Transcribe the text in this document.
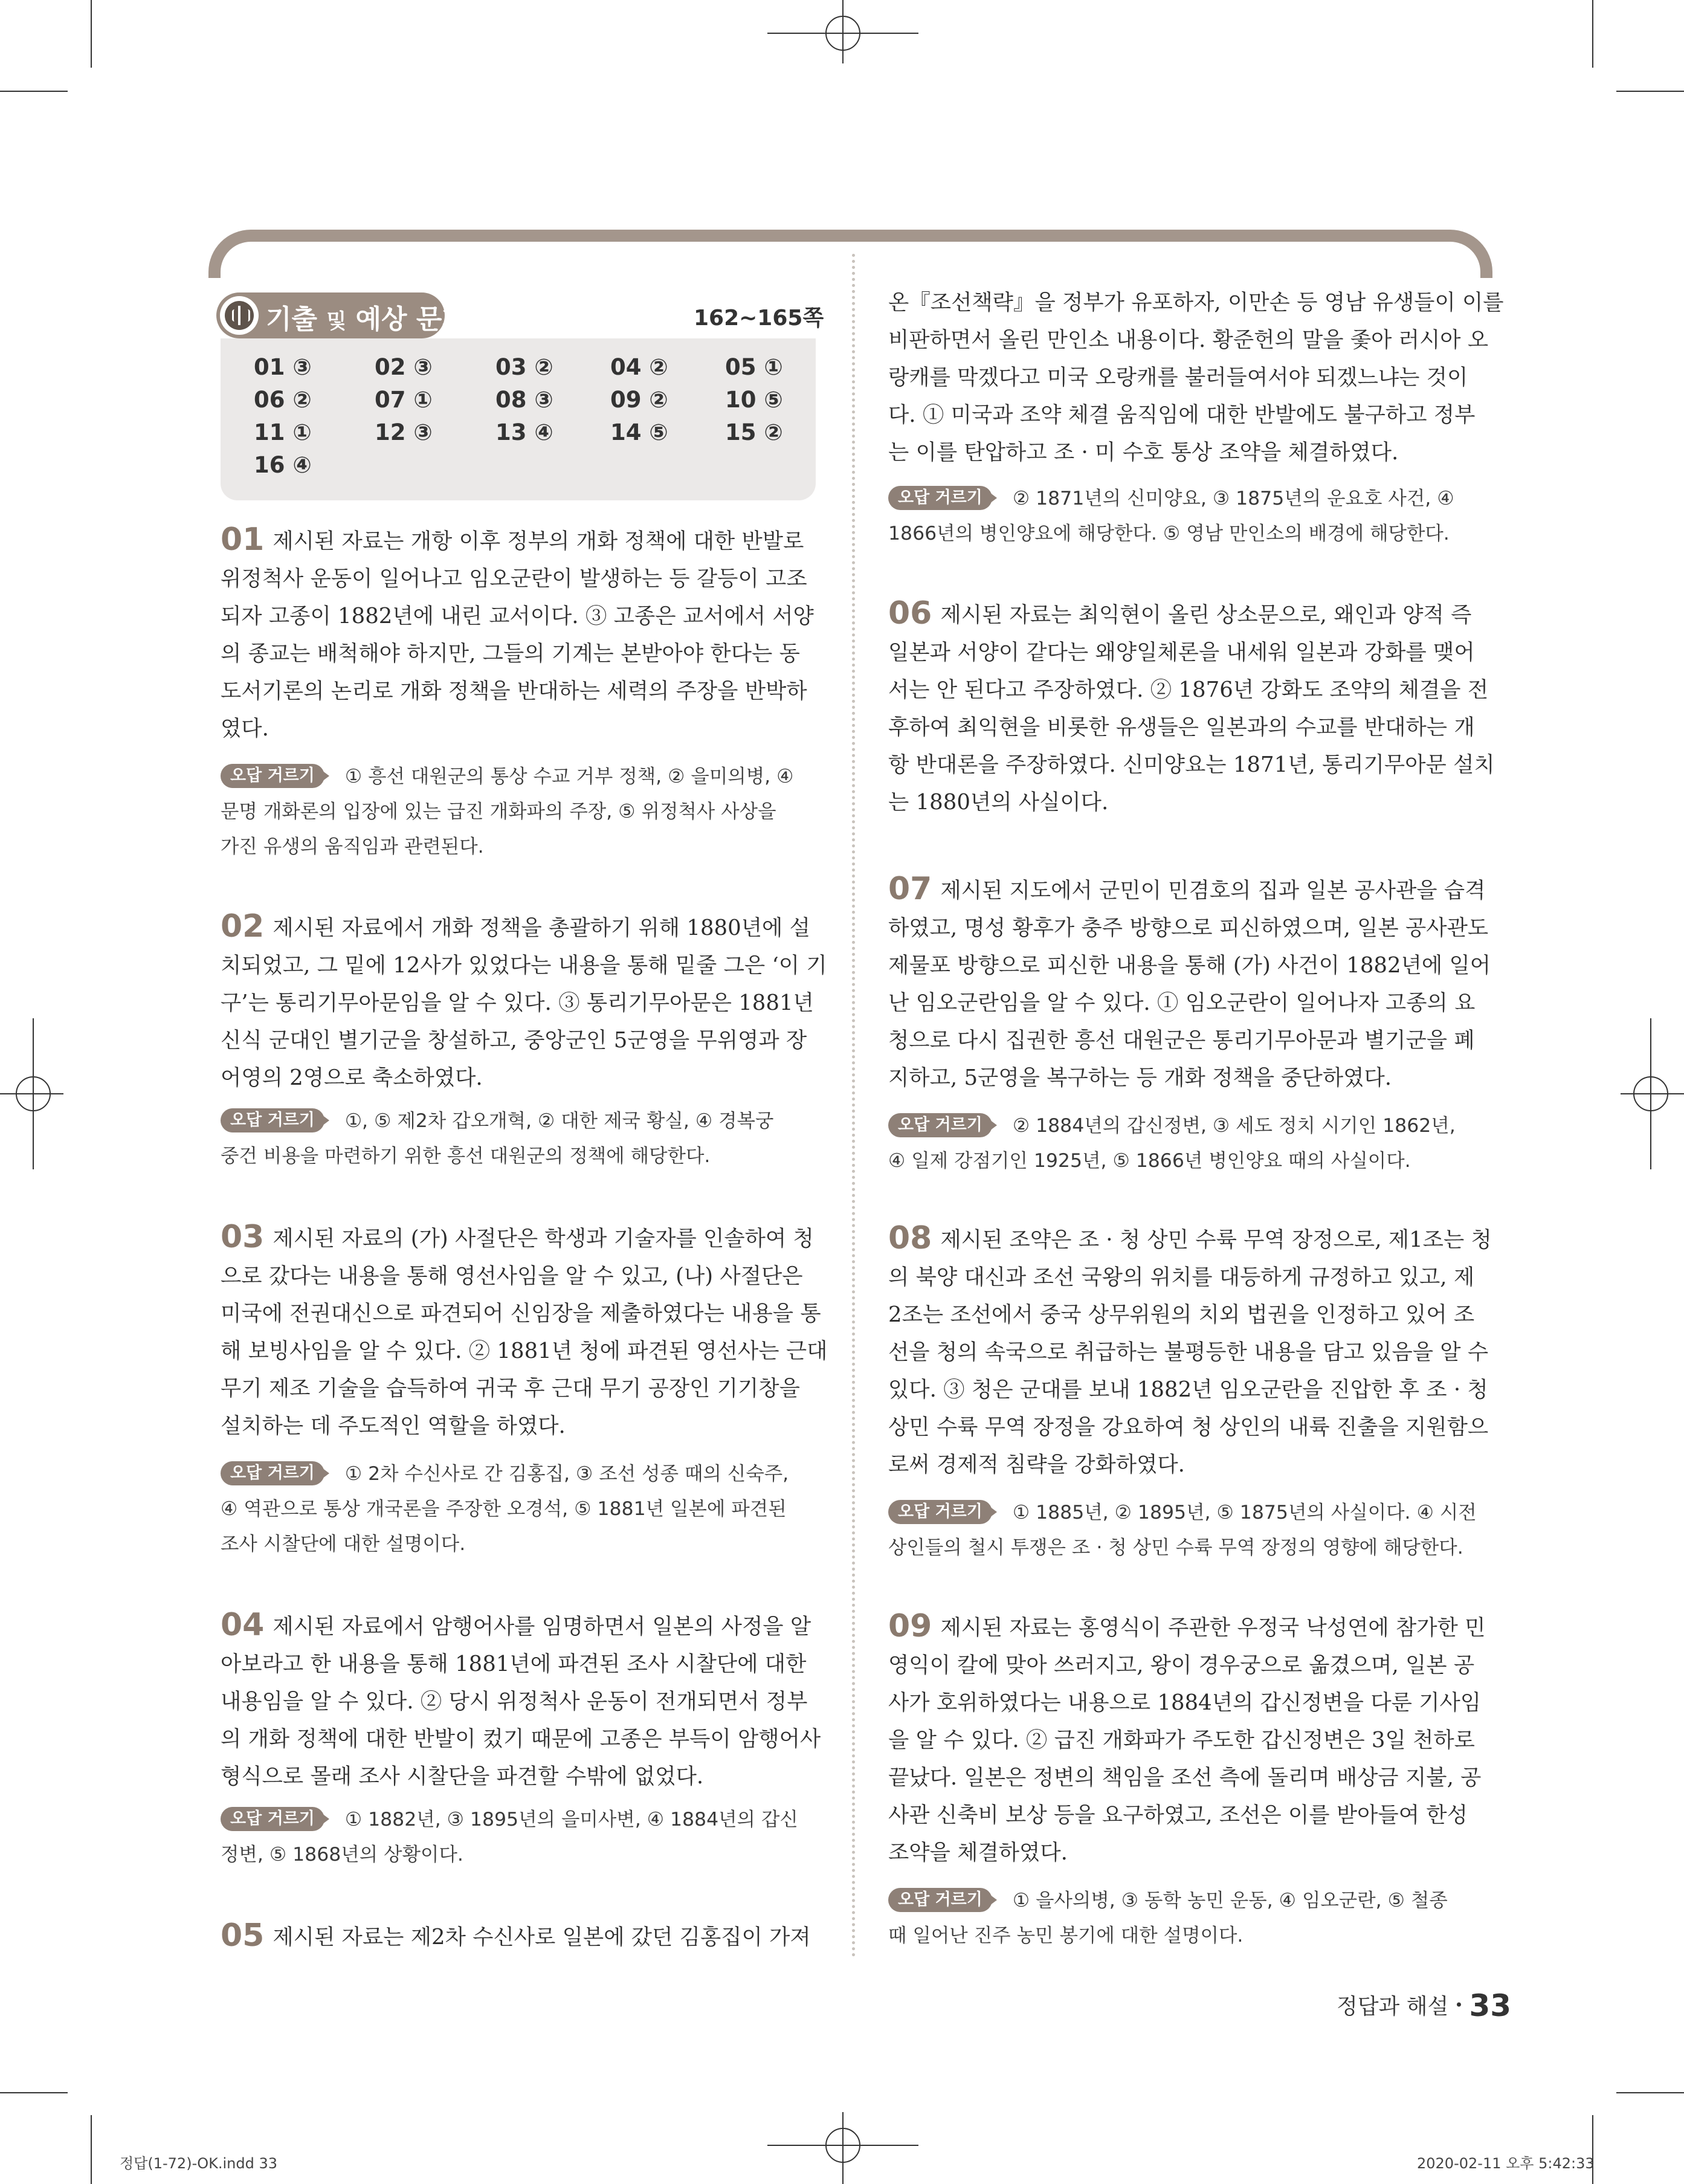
기출 및 예상 문제	162~165쪽
01 ③	02 ③	03 ②	04 ②	05 ①
06 ②	07 ①	08 ③	09 ②	10 ⑤
11 ①	12 ③	13 ④	14 ⑤	15 ②
16 ④
01 제시된 자료는 개항 이후 정부의 개화 정책에 대한 반발로
위정척사 운동이 일어나고 임오군란이 발생하는 등 갈등이 고조
되자 고종이 1882년에 내린 교서이다. ③ 고종은 교서에서 서양
의 종교는 배척해야 하지만, 그들의 기계는 본받아야 한다는 동
도서기론의 논리로 개화 정책을 반대하는 세력의 주장을 반박하
였다.
오답 거르기 ① 흥선 대원군의 통상 수교 거부 정책, ② 을미의병, ④
문명 개화론의 입장에 있는 급진 개화파의 주장, ⑤ 위정척사 사상을
가진 유생의 움직임과 관련된다.
02 제시된 자료에서 개화 정책을 총괄하기 위해 1880년에 설
치되었고, 그 밑에 12사가 있었다는 내용을 통해 밑줄 그은 ‘이 기
구’는 통리기무아문임을 알 수 있다. ③ 통리기무아문은 1881년
신식 군대인 별기군을 창설하고, 중앙군인 5군영을 무위영과 장
어영의 2영으로 축소하였다.
오답 거르기 ①, ⑤ 제2차 갑오개혁, ② 대한 제국 황실, ④ 경복궁
중건 비용을 마련하기 위한 흥선 대원군의 정책에 해당한다.
03 제시된 자료의 (가) 사절단은 학생과 기술자를 인솔하여 청
으로 갔다는 내용을 통해 영선사임을 알 수 있고, (나) 사절단은
미국에 전권대신으로 파견되어 신임장을 제출하였다는 내용을 통
해 보빙사임을 알 수 있다. ② 1881년 청에 파견된 영선사는 근대
무기 제조 기술을 습득하여 귀국 후 근대 무기 공장인 기기창을
설치하는 데 주도적인 역할을 하였다.
오답 거르기 ① 2차 수신사로 간 김홍집, ③ 조선 성종 때의 신숙주,
④ 역관으로 통상 개국론을 주장한 오경석, ⑤ 1881년 일본에 파견된
조사 시찰단에 대한 설명이다.
04 제시된 자료에서 암행어사를 임명하면서 일본의 사정을 알
아보라고 한 내용을 통해 1881년에 파견된 조사 시찰단에 대한
내용임을 알 수 있다. ② 당시 위정척사 운동이 전개되면서 정부
의 개화 정책에 대한 반발이 컸기 때문에 고종은 부득이 암행어사
형식으로 몰래 조사 시찰단을 파견할 수밖에 없었다.
오답 거르기 ① 1882년, ③ 1895년의 을미사변, ④ 1884년의 갑신
정변, ⑤ 1868년의 상황이다.
05 제시된 자료는 제2차 수신사로 일본에 갔던 김홍집이 가져
온『조선책략』을 정부가 유포하자, 이만손 등 영남 유생들이 이를
비판하면서 올린 만인소 내용이다. 황준헌의 말을 좇아 러시아 오
랑캐를 막겠다고 미국 오랑캐를 불러들여서야 되겠느냐는 것이
다. ① 미국과 조약 체결 움직임에 대한 반발에도 불구하고 정부
는 이를 탄압하고 조 · 미 수호 통상 조약을 체결하였다.
오답 거르기 ② 1871년의 신미양요, ③ 1875년의 운요호 사건, ④
1866년의 병인양요에 해당한다. ⑤ 영남 만인소의 배경에 해당한다.
06 제시된 자료는 최익현이 올린 상소문으로, 왜인과 양적 즉
일본과 서양이 같다는 왜양일체론을 내세워 일본과 강화를 맺어
서는 안 된다고 주장하였다. ② 1876년 강화도 조약의 체결을 전
후하여 최익현을 비롯한 유생들은 일본과의 수교를 반대하는 개
항 반대론을 주장하였다. 신미양요는 1871년, 통리기무아문 설치
는 1880년의 사실이다.
07 제시된 지도에서 군민이 민겸호의 집과 일본 공사관을 습격
하였고, 명성 황후가 충주 방향으로 피신하였으며, 일본 공사관도
제물포 방향으로 피신한 내용을 통해 (가) 사건이 1882년에 일어
난 임오군란임을 알 수 있다. ① 임오군란이 일어나자 고종의 요
청으로 다시 집권한 흥선 대원군은 통리기무아문과 별기군을 폐
지하고, 5군영을 복구하는 등 개화 정책을 중단하였다.
오답 거르기 ② 1884년의 갑신정변, ③ 세도 정치 시기인 1862년,
④ 일제 강점기인 1925년, ⑤ 1866년 병인양요 때의 사실이다.
08 제시된 조약은 조 · 청 상민 수륙 무역 장정으로, 제1조는 청
의 북양 대신과 조선 국왕의 위치를 대등하게 규정하고 있고, 제
2조는 조선에서 중국 상무위원의 치외 법권을 인정하고 있어 조
선을 청의 속국으로 취급하는 불평등한 내용을 담고 있음을 알 수
있다. ③ 청은 군대를 보내 1882년 임오군란을 진압한 후 조 · 청
상민 수륙 무역 장정을 강요하여 청 상인의 내륙 진출을 지원함으
로써 경제적 침략을 강화하였다.
오답 거르기 ① 1885년, ② 1895년, ⑤ 1875년의 사실이다. ④ 시전
상인들의 철시 투쟁은 조 · 청 상민 수륙 무역 장정의 영향에 해당한다.
09 제시된 자료는 홍영식이 주관한 우정국 낙성연에 참가한 민
영익이 칼에 맞아 쓰러지고, 왕이 경우궁으로 옮겼으며, 일본 공
사가 호위하였다는 내용으로 1884년의 갑신정변을 다룬 기사임
을 알 수 있다. ② 급진 개화파가 주도한 갑신정변은 3일 천하로
끝났다. 일본은 정변의 책임을 조선 측에 돌리며 배상금 지불, 공
사관 신축비 보상 등을 요구하였고, 조선은 이를 받아들여 한성
조약을 체결하였다.
오답 거르기 ① 을사의병, ③ 동학 농민 운동, ④ 임오군란, ⑤ 철종
때 일어난 진주 농민 봉기에 대한 설명이다.
정답과 해설 • 33
정답(1-72)-OK.indd 33	2020-02-11 오후 5:42:33
